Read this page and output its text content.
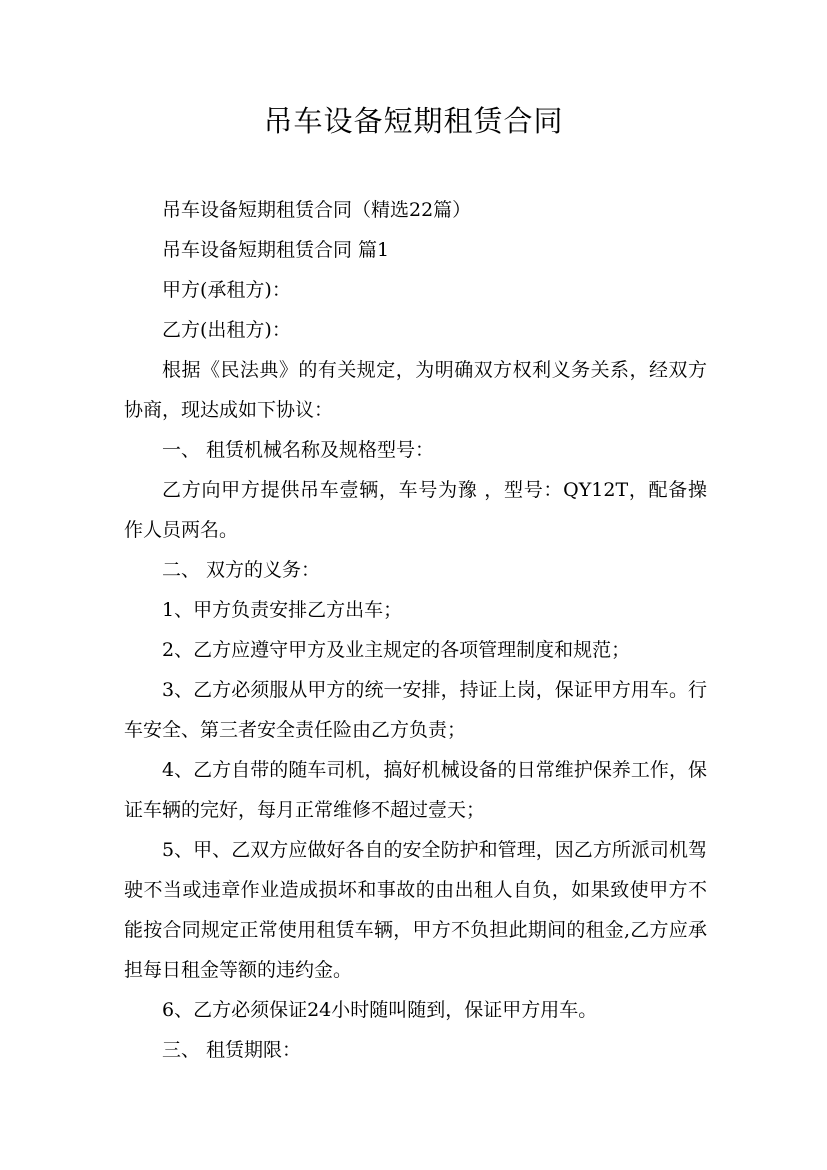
吊车设备短期租赁合同

吊车设备短期租赁合同（精选22篇）

吊车设备短期租赁合同 篇1

甲方(承租方)：

乙方(出租方)：

根据《民法典》的有关规定，为明确双方权利义务关系，经双方协商，现达成如下协议：

一、 租赁机械名称及规格型号：

乙方向甲方提供吊车壹辆，车号为豫 ，型号：QY12T，配备操作人员两名。

二、 双方的义务：

1、甲方负责安排乙方出车；

2、乙方应遵守甲方及业主规定的各项管理制度和规范；

3、乙方必须服从甲方的统一安排，持证上岗，保证甲方用车。行车安全、第三者安全责任险由乙方负责；

4、乙方自带的随车司机，搞好机械设备的日常维护保养工作，保证车辆的完好，每月正常维修不超过壹天；

5、甲、乙双方应做好各自的安全防护和管理，因乙方所派司机驾驶不当或违章作业造成损坏和事故的由出租人自负，如果致使甲方不能按合同规定正常使用租赁车辆，甲方不负担此期间的租金,乙方应承担每日租金等额的违约金。

6、乙方必须保证24小时随叫随到，保证甲方用车。

三、 租赁期限：
